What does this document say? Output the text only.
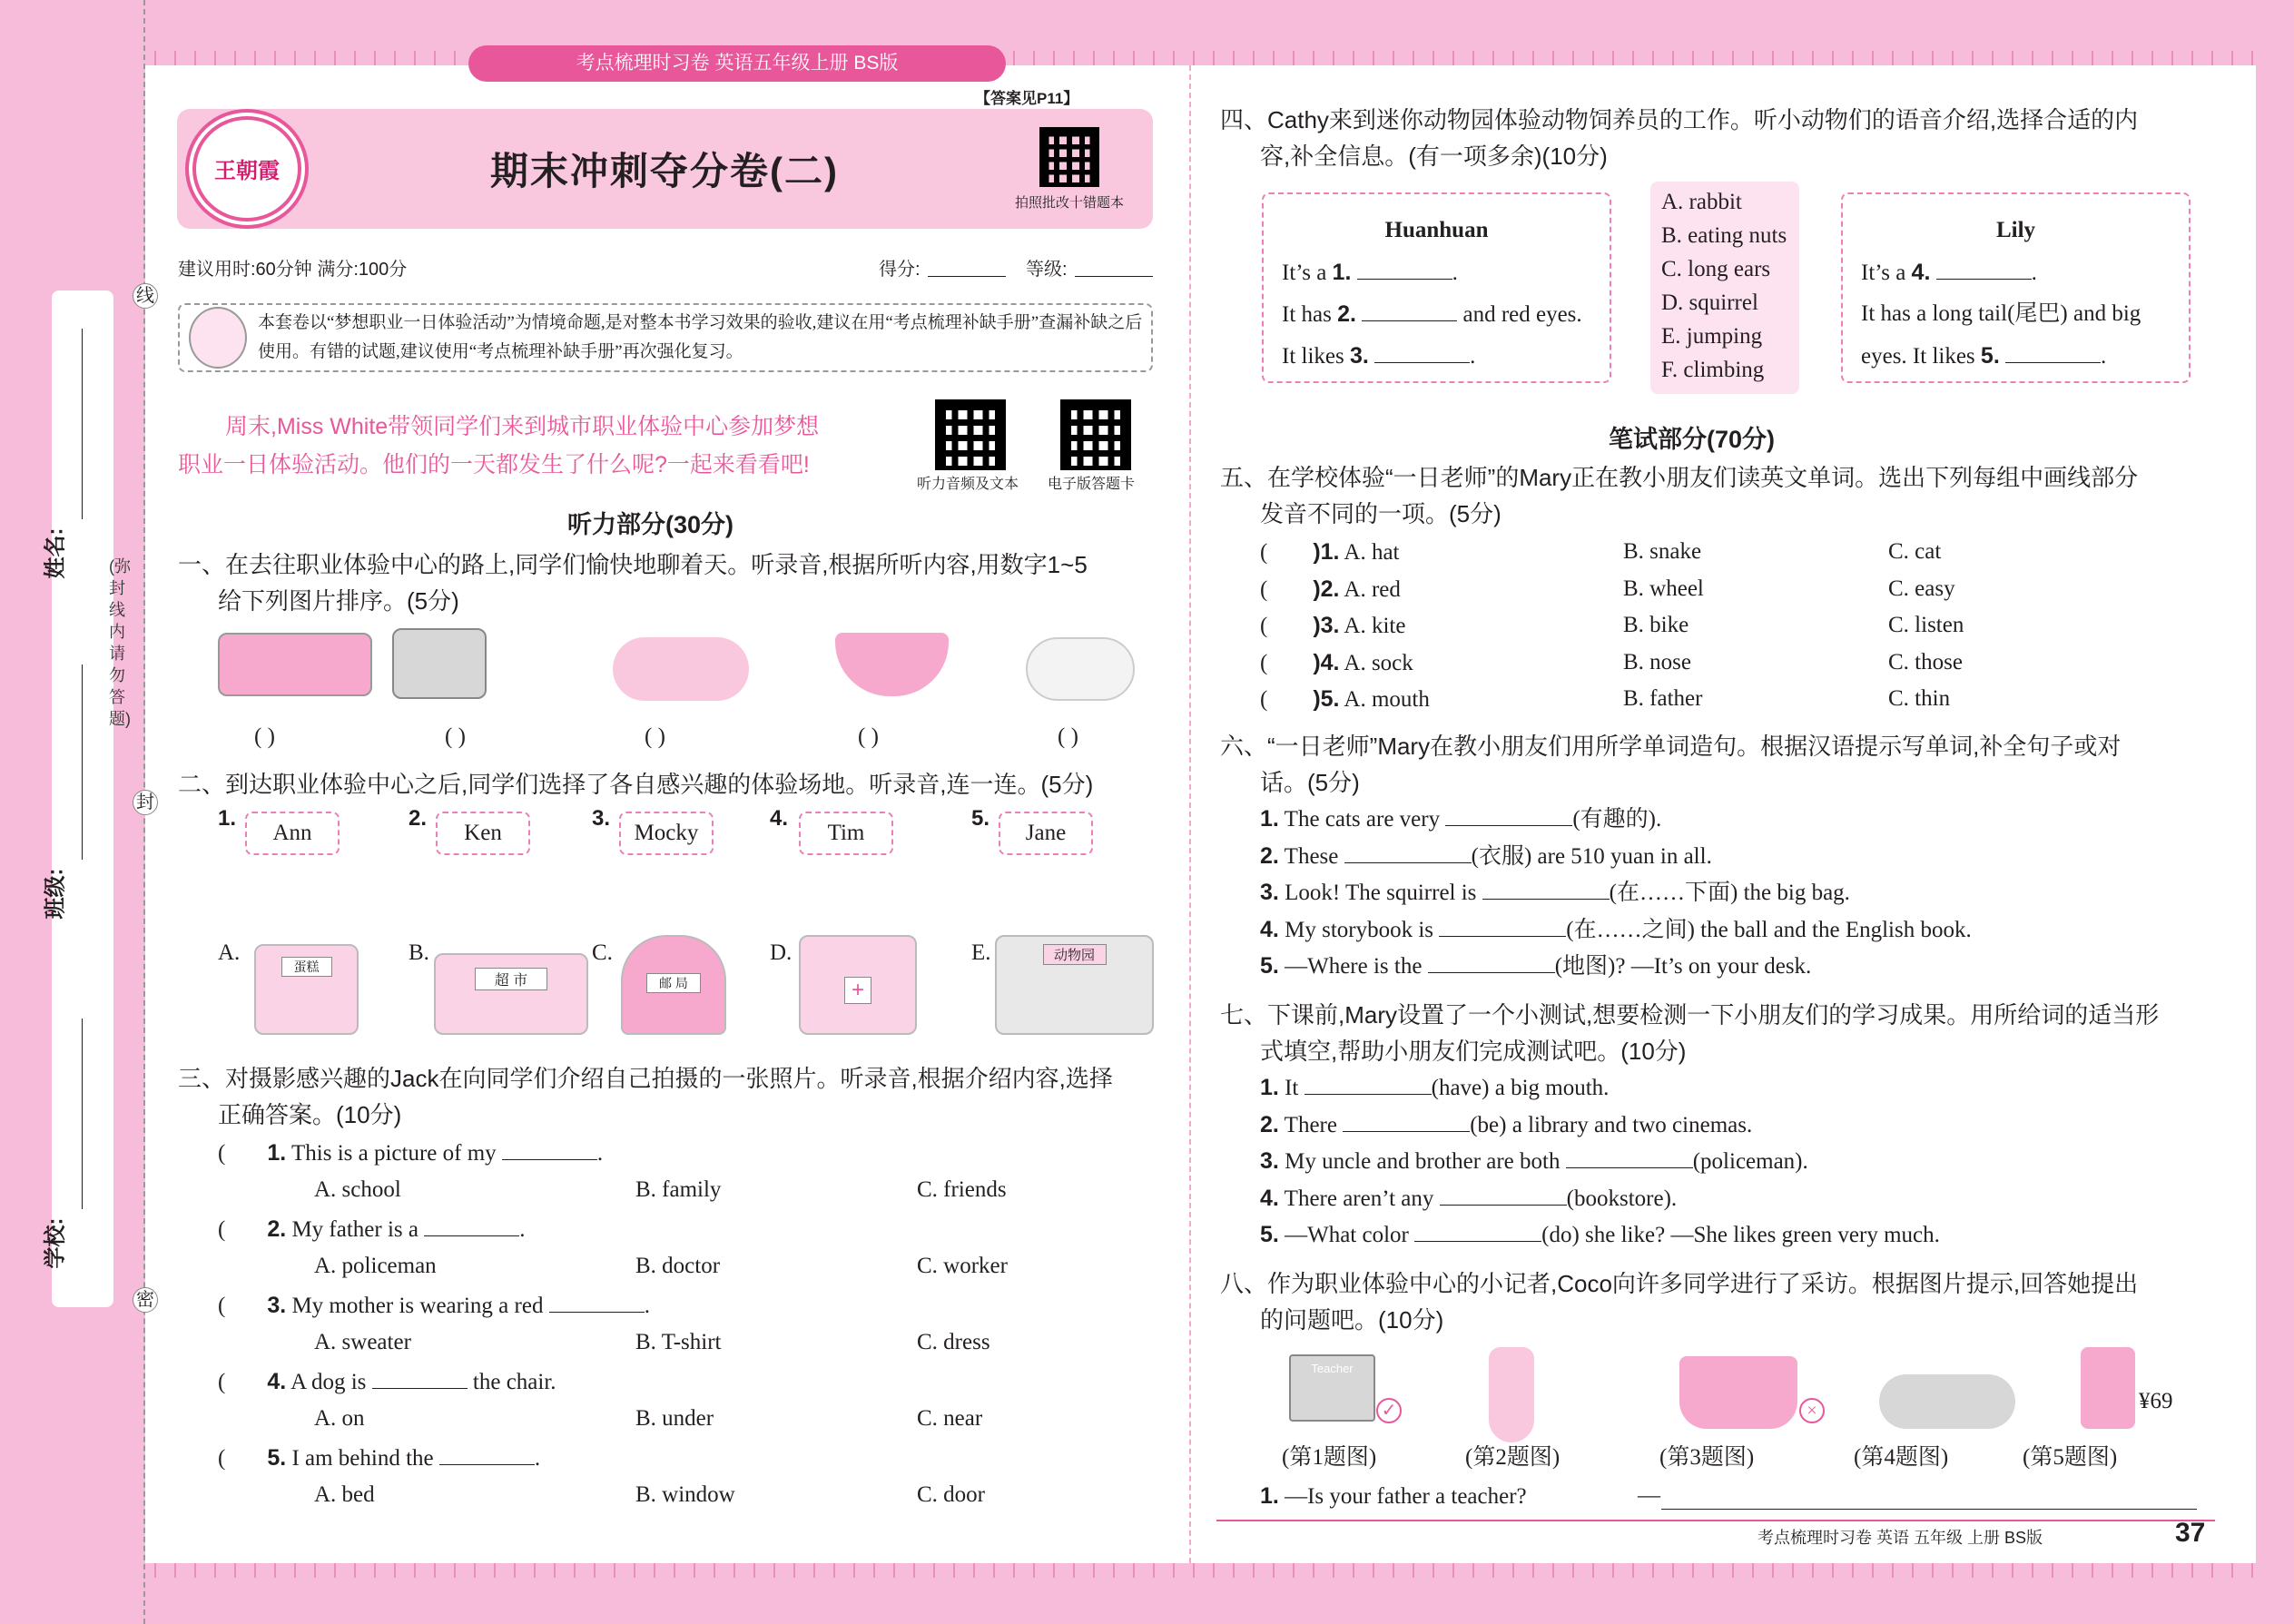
线
封
密
(弥 封 线 内 请 勿 答 题)
姓名:
班级:
学校:
考点梳理时习卷 英语五年级上册 BS版
【答案见P11】
王朝霞	期末冲刺夺分卷(二)
拍照批改十错题本
建议用时:60分钟 满分:100分	得分:	等级:
本套卷以“梦想职业一日体验活动”为情境命题,是对整本书学习效果的验收,建议在用“考点梳理补缺手册”查漏补缺之后使用。有错的试题,建议使用“考点梳理补缺手册”再次强化复习。
周末,Miss White带领同学们来到城市职业体验中心参加梦想
职业一日体验活动。他们的一天都发生了什么呢?一起来看看吧!
听力音频及文本 电子版答题卡
听力部分(30分)
一、在去往职业体验中心的路上,同学们愉快地聊着天。听录音,根据所听内容,用数字1~5
给下列图片排序。(5分)
( )	( )	( )	( )	( )
二、到达职业体验中心之后,同学们选择了各自感兴趣的体验场地。听录音,连一连。(5分)
1.
Ann
2.
Ken
3.
Mocky
4.
Tim
5.
Jane
A.
蛋糕
B.
超 市
C.
邮 局
D.
+
E.	动物园
三、对摄影感兴趣的Jack在向同学们介绍自己拍摄的一张照片。听录音,根据介绍内容,选择
正确答案。(10分)
( 1. This is a picture of my	.
A. school	B. family	C. friends
( 2. My father is a	.
A. policeman	B. doctor	C. worker
( 3. My mother is wearing a red	.
A. sweater	B. T-shirt	C. dress
( 4. A dog is	the chair.
A. on	B. under	C. near
( 5. I am behind the	.
A. bed	B. window	C. door
四、Cathy来到迷你动物园体验动物饲养员的工作。听小动物们的语音介绍,选择合适的内
容,补全信息。(有一项多余)(10分)
Huanhuan
It’s a 1.	.
It has 2.	and red eyes.
It likes 3.	.
A. rabbit
B. eating nuts
C. long ears
D. squirrel
E. jumping
F. climbing
Lily
It’s a 4.	.
It has a long tail(尾巴) and big
eyes. It likes 5.	.
笔试部分(70分)
五、在学校体验“一日老师”的Mary正在教小朋友们读英文单词。选出下列每组中画线部分
发音不同的一项。(5分)
( )1. A. hat	B. snake	C. cat
( )2. A. red	B. wheel	C. easy
( )3. A. kite	B. bike	C. listen
( )4. A. sock	B. nose	C. those
( )5. A. mouth	B. father	C. thin
六、“一日老师”Mary在教小朋友们用所学单词造句。根据汉语提示写单词,补全句子或对
话。(5分)
1. The cats are very	(有趣的).
2. These	(衣服) are 510 yuan in all.
3. Look! The squirrel is	(在……下面) the big bag.
4. My storybook is	(在……之间) the ball and the English book.
5. —Where is the	(地图)? —It’s on your desk.
七、下课前,Mary设置了一个小测试,想要检测一下小朋友们的学习成果。用所给词的适当形
式填空,帮助小朋友们完成测试吧。(10分)
1. It	(have) a big mouth.
2. There	(be) a library and two cinemas.
3. My uncle and brother are both	(policeman).
4. There aren’t any	(bookstore).
5. —What color	(do) she like? —She likes green very much.
八、作为职业体验中心的小记者,Coco向许多同学进行了采访。根据图片提示,回答她提出
的问题吧。(10分)
Teacher
✓	×	¥69
(第1题图)	(第2题图)	(第3题图)	(第4题图)	(第5题图)
1. —Is your father a teacher?	—
考点梳理时习卷 英语 五年级 上册 BS版	37
